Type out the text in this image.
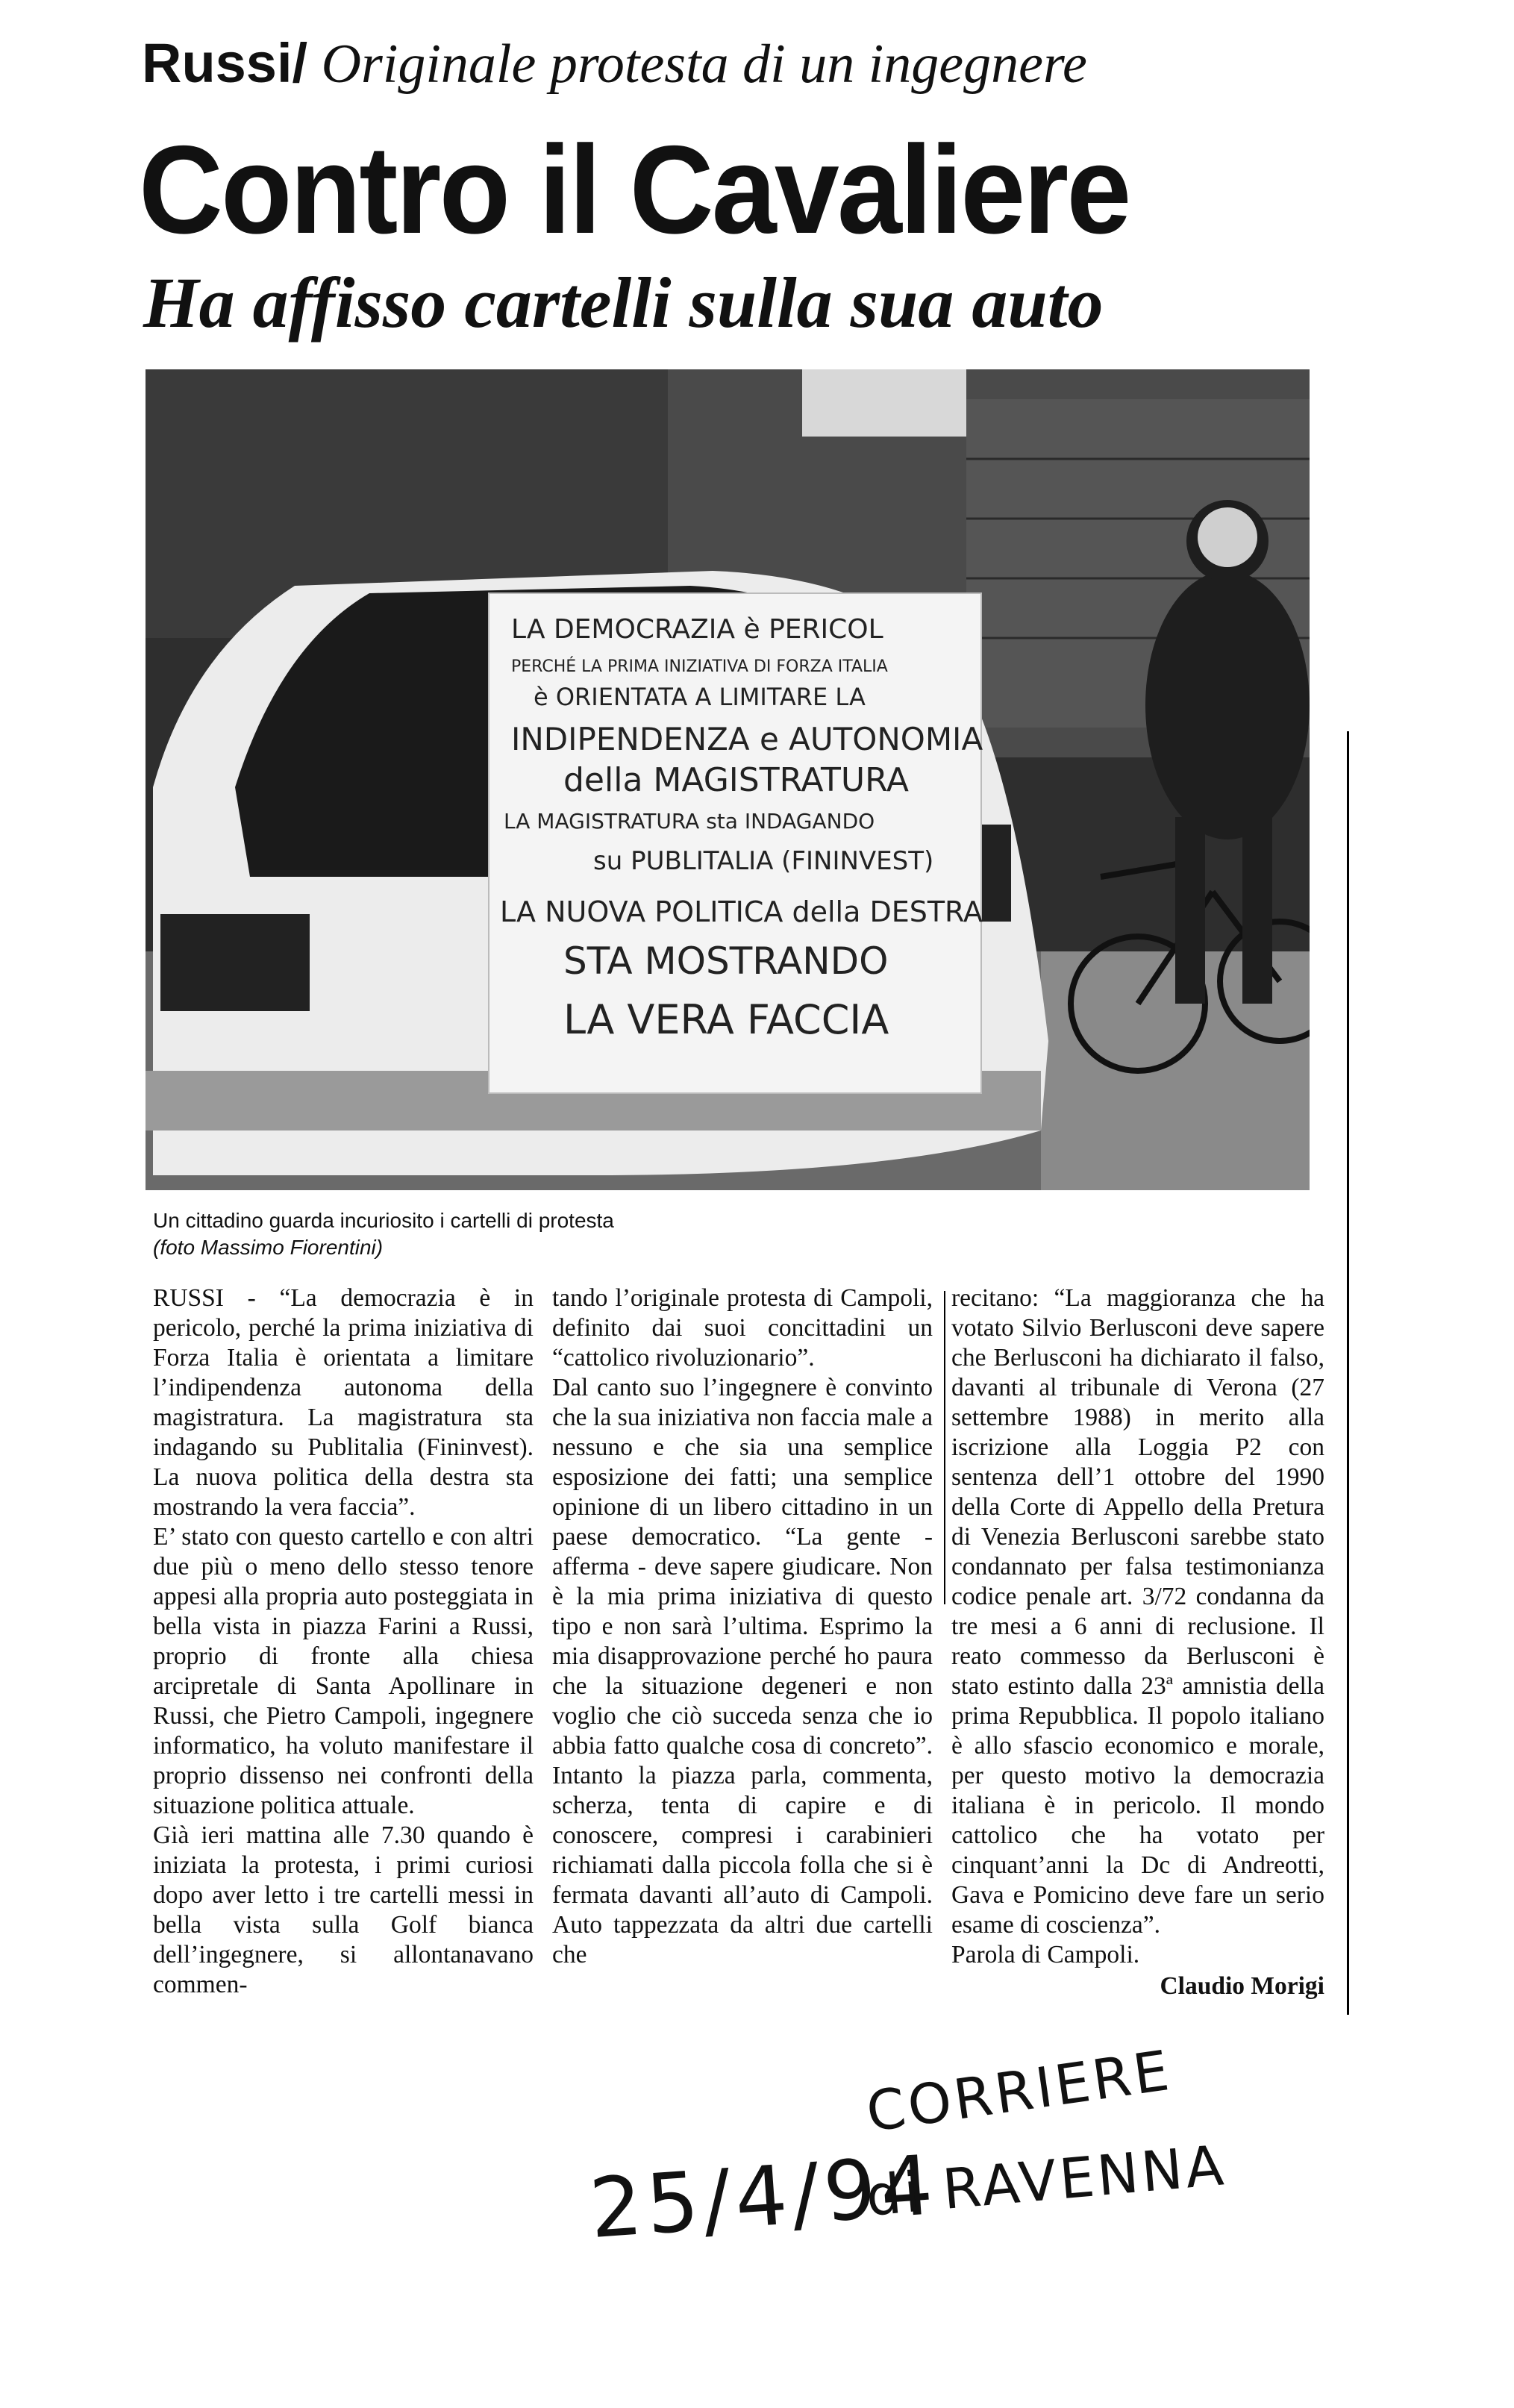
Russi/ Originale protesta di un ingegnere
Contro il Cavaliere
Ha affisso cartelli sulla sua auto
LA DEMOCRAZIA è PERICOL
PERCHÉ LA PRIMA INIZIATIVA DI FORZA ITALIA
è ORIENTATA A LIMITARE LA
INDIPENDENZA e AUTONOMIA
della MAGISTRATURA
LA MAGISTRATURA sta INDAGANDO
su PUBLITALIA (FININVEST)
LA NUOVA POLITICA della DESTRA
STA MOSTRANDO
LA VERA FACCIA
Un cittadino guarda incuriosito i cartelli di protesta
(foto Massimo Fiorentini)

RUSSI - “La democrazia è in pericolo, perché la prima iniziativa di Forza Italia è orientata a limitare l’indipendenza autonoma della magistratura. La magistratura sta indagando su Publitalia (Fininvest). La nuova politica della destra sta mostrando la vera faccia”.

E’ stato con questo cartello e con altri due più o meno dello stesso tenore appesi alla propria auto posteggiata in bella vista in piazza Farini a Russi, proprio di fronte alla chiesa arcipretale di Santa Apollinare in Russi, che Pietro Campoli, ingegnere informatico, ha voluto manifestare il proprio dissenso nei confronti della situazione politica attuale.

Già ieri mattina alle 7.30 quando è iniziata la protesta, i primi curiosi dopo aver letto i tre cartelli messi in bella vista sulla Golf bianca dell’ingegnere, si allontanavano commen-

tando l’originale protesta di Campoli, definito dai suoi concittadini un “cattolico rivoluzionario”.

Dal canto suo l’ingegnere è convinto che la sua iniziativa non faccia male a nessuno e che sia una semplice esposizione dei fatti; una semplice opinione di un libero cittadino in un paese democratico. “La gente - afferma - deve sapere giudicare. Non è la mia prima iniziativa di questo tipo e non sarà l’ultima. Esprimo la mia disapprovazione perché ho paura che la situazione degeneri e non voglio che ciò succeda senza che io abbia fatto qualche cosa di concreto”. Intanto la piazza parla, commenta, scherza, tenta di capire e di conoscere, compresi i carabinieri richiamati dalla piccola folla che si è fermata davanti all’auto di Campoli. Auto tappezzata da altri due cartelli che

recitano: “La maggioranza che ha votato Silvio Berlusconi deve sapere che Berlusconi ha dichiarato il falso, davanti al tribunale di Verona (27 settembre 1988) in merito alla iscrizione alla Loggia P2 con sentenza dell’1 ottobre del 1990 della Corte di Appello della Pretura di Venezia Berlusconi sarebbe stato condannato per falsa testimonianza codice penale art. 3/72 condanna da tre mesi a 6 anni di reclusione. Il reato commesso da Berlusconi è stato estinto dalla 23ª amnistia della prima Repubblica. Il popolo italiano è allo sfascio economico e morale, per questo motivo la democrazia italiana è in pericolo. Il mondo cattolico che ha votato per cinquant’anni la Dc di Andreotti, Gava e Pomicino deve fare un serio esame di coscienza”.

Parola di Campoli.

Claudio Morigi
25/4/94
CORRIERE
di RAVENNA
